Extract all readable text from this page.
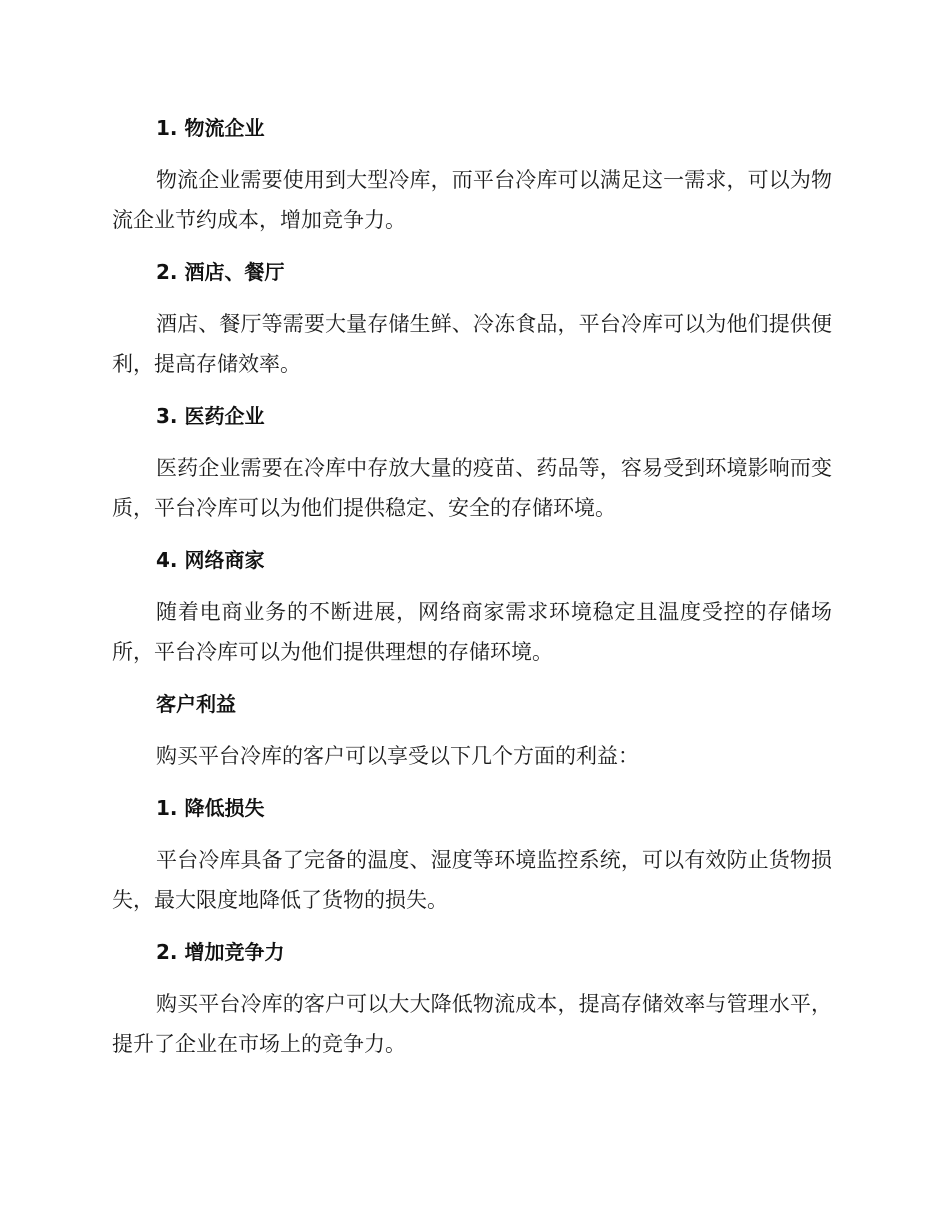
1. 物流企业

物流企业需要使用到大型冷库，而平台冷库可以满足这一需求，可以为物流企业节约成本，增加竞争力。

2. 酒店、餐厅

酒店、餐厅等需要大量存储生鲜、冷冻食品，平台冷库可以为他们提供便利，提高存储效率。

3. 医药企业

医药企业需要在冷库中存放大量的疫苗、药品等，容易受到环境影响而变质，平台冷库可以为他们提供稳定、安全的存储环境。

4. 网络商家

随着电商业务的不断进展，网络商家需求环境稳定且温度受控的存储场所，平台冷库可以为他们提供理想的存储环境。

客户利益

购买平台冷库的客户可以享受以下几个方面的利益：

1. 降低损失

平台冷库具备了完备的温度、湿度等环境监控系统，可以有效防止货物损失，最大限度地降低了货物的损失。

2. 增加竞争力

购买平台冷库的客户可以大大降低物流成本，提高存储效率与管理水平，提升了企业在市场上的竞争力。
